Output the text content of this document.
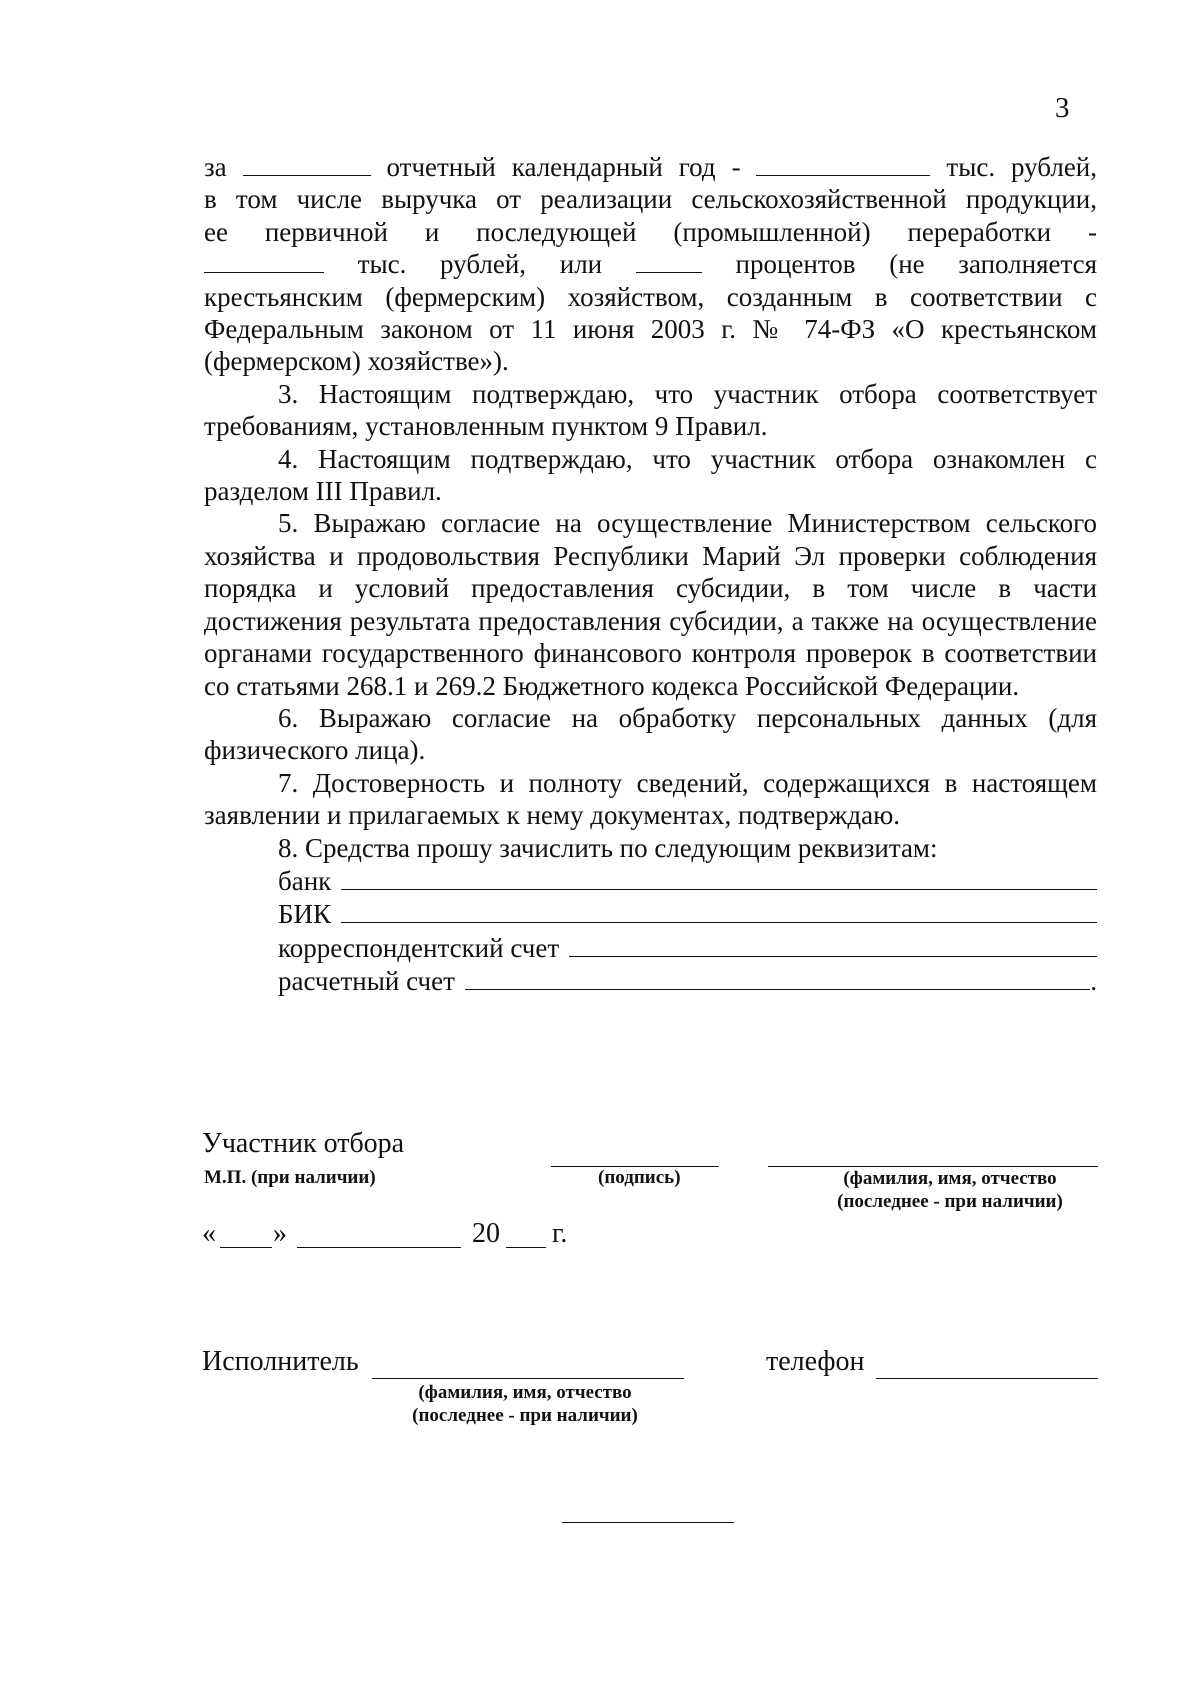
3

за	отчетный календарный год -	тыс. рублей,

в том числе выручка от реализации сельскохозяйственной продукции,

ее первичной и последующей (промышленной) переработки -

тыс. рублей, или	процентов (не заполняется

крестьянским (фермерским) хозяйством, созданным в соответствии с Федеральным законом от 11 июня 2003 г. № 74-ФЗ «О крестьянском (фермерском) хозяйстве»).

3. Настоящим подтверждаю, что участник отбора соответствует требованиям, установленным пунктом 9 Правил.

4. Настоящим подтверждаю, что участник отбора ознакомлен с разделом III Правил.

5. Выражаю согласие на осуществление Министерством сельского хозяйства и продовольствия Республики Марий Эл проверки соблюдения порядка и условий предоставления субсидии, в том числе в части достижения результата предоставления субсидии, а также на осуществление органами государственного финансового контроля проверок в соответствии со статьями 268.1 и 269.2 Бюджетного кодекса Российской Федерации.

6. Выражаю согласие на обработку персональных данных (для физического лица).

7. Достоверность и полноту сведений, содержащихся в настоящем заявлении и прилагаемых к нему документах, подтверждаю.

8. Средства прошу зачислить по следующим реквизитам:

банк
БИК
корреспондентский счет
расчетный счет	.
Участник отбора
М.П. (при наличии)	(подпись)	(фамилия, имя, отчество
(последнее - при наличии)
« »	20 г.
Исполнитель
(фамилия, имя, отчество
(последнее - при наличии)
телефон
